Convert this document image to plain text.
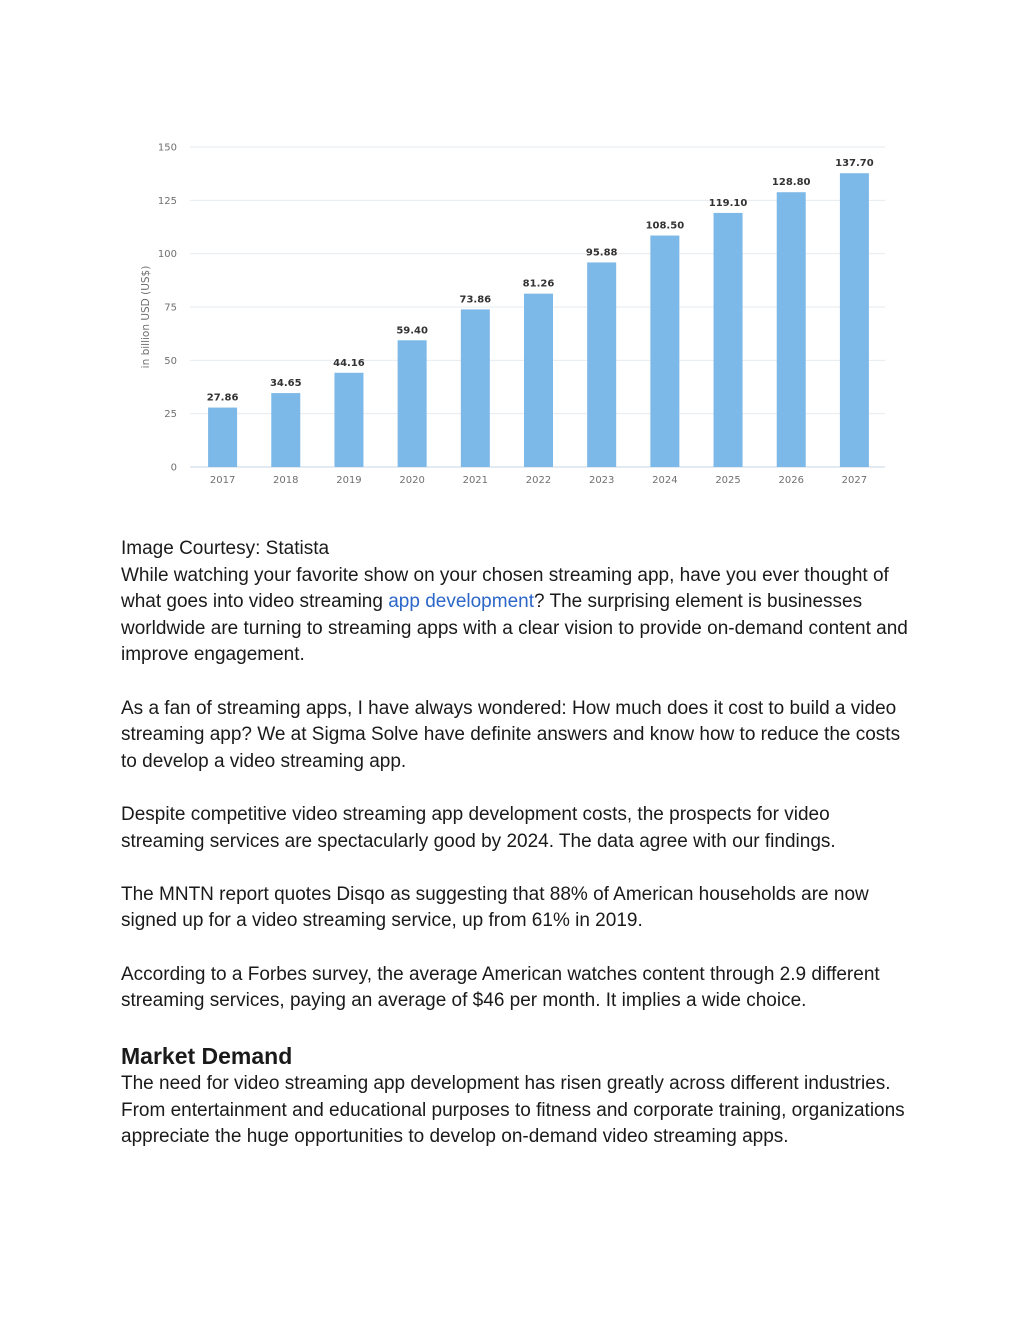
0
25
50
75
100
125
150
in billion USD (US$)
27.86
2017
34.65
2018
44.16
2019
59.40
2020
73.86
2021
81.26
2022
95.88
2023
108.50
2024
119.10
2025
128.80
2026
137.70
2027
Image Courtesy: Statista

While watching your favorite show on your chosen streaming app, have you ever thought of what goes into video streaming app development? The surprising element is businesses worldwide are turning to streaming apps with a clear vision to provide on-demand content and improve engagement.

As a fan of streaming apps, I have always wondered: How much does it cost to build a video streaming app? We at Sigma Solve have definite answers and know how to reduce the costs to develop a video streaming app.

Despite competitive video streaming app development costs, the prospects for video streaming services are spectacularly good by 2024. The data agree with our findings.

The MNTN report quotes Disqo as suggesting that 88% of American households are now signed up for a video streaming service, up from 61% in 2019.

According to a Forbes survey, the average American watches content through 2.9 different streaming services, paying an average of $46 per month. It implies a wide choice.

Market Demand

The need for video streaming app development has risen greatly across different industries. From entertainment and educational purposes to fitness and corporate training, organizations appreciate the huge opportunities to develop on-demand video streaming apps.
